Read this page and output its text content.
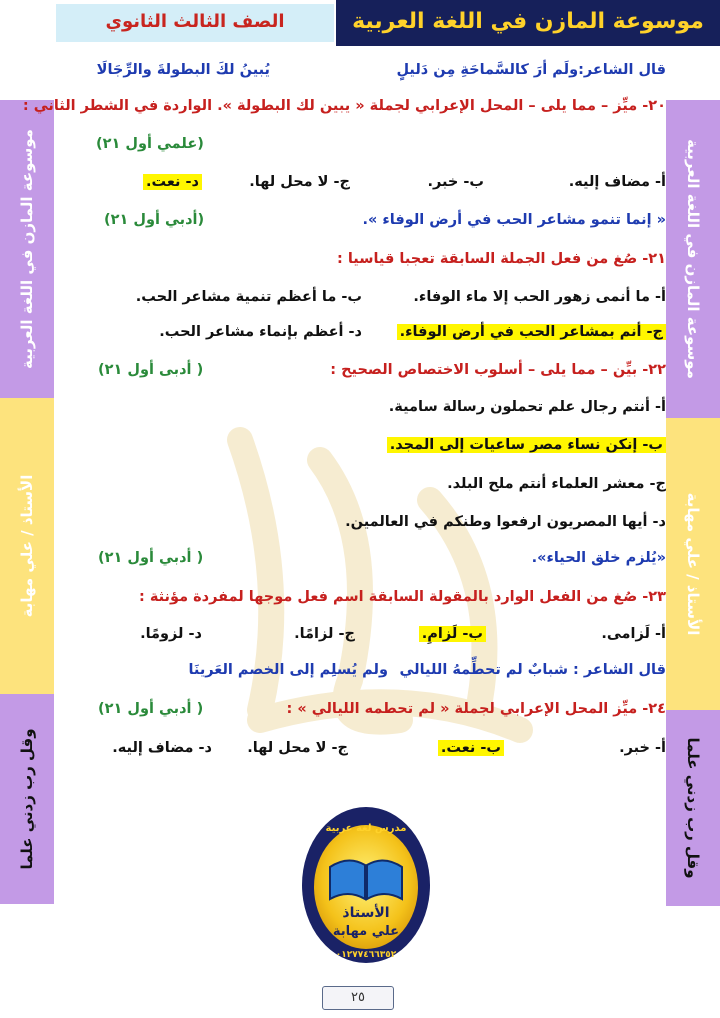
موسوعة المازن في اللغة العربية
الصف الثالث الثانوي
موسوعة المازن في اللغة العربية
الأستاذ / علي مهابة
وقل رب زدني علما
موسوعة المازن في اللغة العربية
الأستاذ / علي مهابة
وقل رب زدني علما
قال الشاعر:ولَم أرَ كالسَّماحَةِ مِن دَليلٍ
يُبينُ لكَ البطولةَ والرِّجَالَا
٢٠- ميِّز – مما يلى – المحل الإعرابي لجملة « يبين لك البطولة ». الواردة في الشطر الثاني :
(علمي أول ٢١)
أ- مضاف إليه.
ب- خبر.
ج- لا محل لها.
د- نعت.
« إنما تنمو مشاعر الحب في أرض الوفاء ».
(أدبي أول ٢١)
٢١- صُغ من فعل الجملة السابقة تعجبا قياسيا :
أ- ما أنمى زهور الحب إلا ماء الوفاء.
ب- ما أعظم تنمية مشاعر الحب.
ج- أنم بمشاعر الحب في أرض الوفاء.
د- أعظم بإنماء مشاعر الحب.
٢٢- بيِّن – مما يلى – أسلوب الاختصاص الصحيح :
( أدبى أول ٢١)
أ- أنتم رجال علم تحملون رسالة سامية.
ب- إنكن نساء مصر ساعيات إلى المجد.
ج- معشر العلماء أنتم ملح البلد.
د- أيها المصريون ارفعوا وطنكم في العالمين.
«يُلزم خلق الحياء».
( أدبي أول ٢١)
٢٣- صُغ من الفعل الوارد بالمقولة السابقة اسم فعل موجها لمفردة مؤنثة :
أ- لَزامى.
ب- لَزامِ.
ج- لزامًا.
د- لزومًا.
قال الشاعر : شبابٌ لم تحطِّمهُ الليالي
ولم يُسلِم إلى الخصم العَرينَا
٢٤- ميِّز المحل الإعرابي لجملة « لم تحطمه الليالي » :
( أدبي أول ٢١)
أ- خبر.
ب- نعت.
ج- لا محل لها.
د- مضاف إليه.
مدرس لغة عربية
الأستاذ
علي مهابة
٠١٢٧٧٤٦٦٣٥٢
٢٥
